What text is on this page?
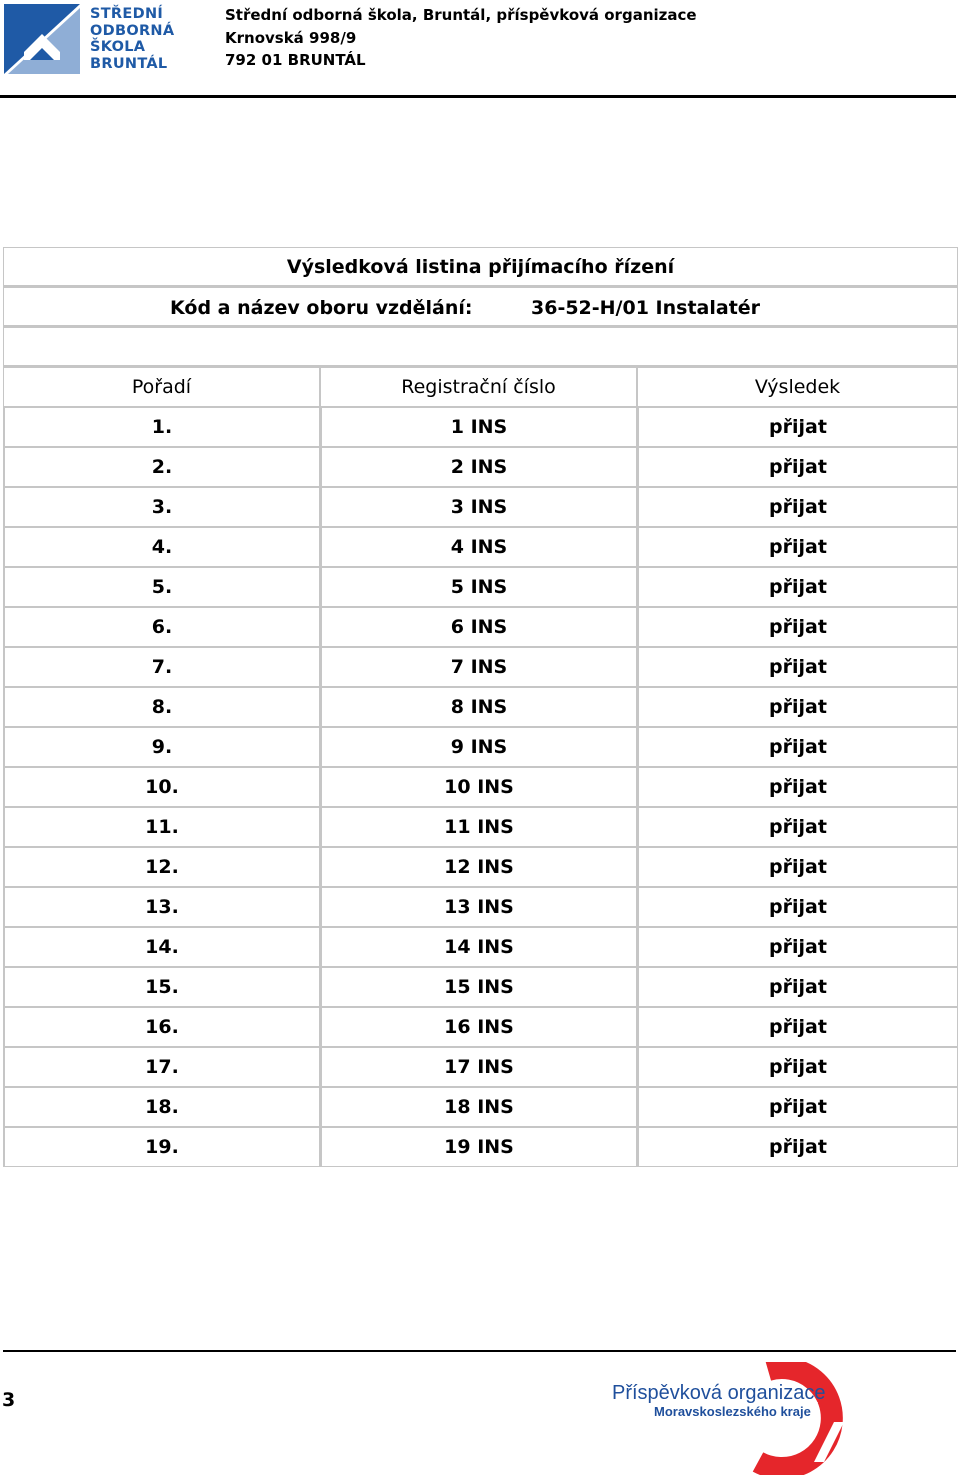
STŘEDNÍ
ODBORNÁ
ŠKOLA
BRUNTÁL
Střední odborná škola, Bruntál, příspěvková organizace
Krnovská 998/9
792 01 BRUNTÁL
Výsledková listina přijímacího řízení		

Kód a název oboru vzdělání: 36-52-H/01 Instalatér		

Pořadí	Registrační číslo	Výsledek
1.	1 INS	přijat
2.	2 INS	přijat
3.	3 INS	přijat
4.	4 INS	přijat
5.	5 INS	přijat
6.	6 INS	přijat
7.	7 INS	přijat
8.	8 INS	přijat
9.	9 INS	přijat
10.	10 INS	přijat
11.	11 INS	přijat
12.	12 INS	přijat
13.	13 INS	přijat
14.	14 INS	přijat
15.	15 INS	přijat
16.	16 INS	přijat
17.	17 INS	přijat
18.	18 INS	přijat
19.	19 INS	přijat
3	Příspěvková organizace
Moravskoslezského kraje
